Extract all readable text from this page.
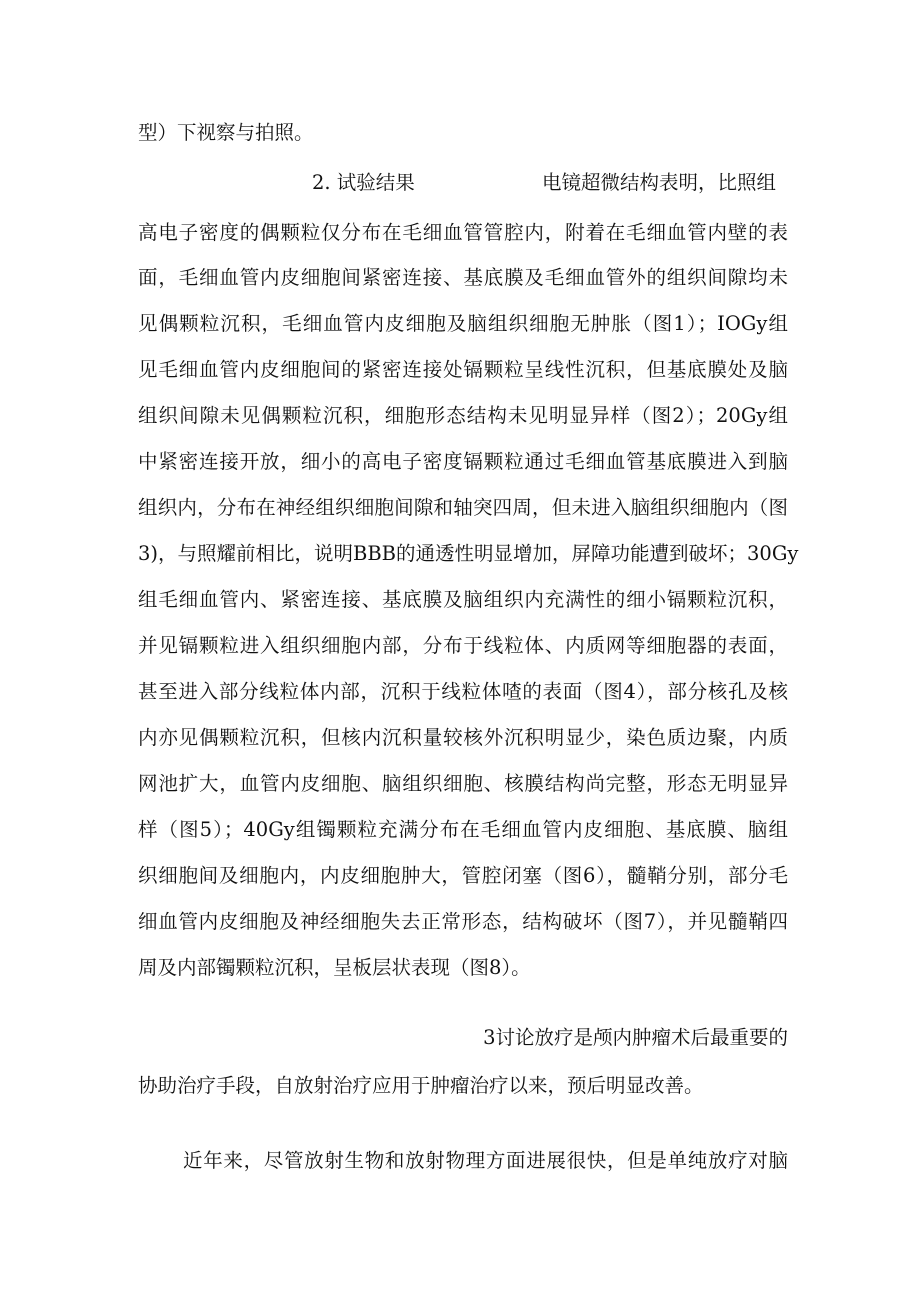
型）下视察与拍照。
2. 试验结果	电镜超微结构表明，比照组
高电子密度的偶颗粒仅分布在毛细血管管腔内，附着在毛细血管内壁的表
面，毛细血管内皮细胞间紧密连接、基底膜及毛细血管外的组织间隙均未
见偶颗粒沉积，毛细血管内皮细胞及脑组织细胞无肿胀（图1）；IOGy组
见毛细血管内皮细胞间的紧密连接处镉颗粒呈线性沉积，但基底膜处及脑
组织间隙未见偶颗粒沉积，细胞形态结构未见明显异样（图2）；20Gy组
中紧密连接开放，细小的高电子密度镉颗粒通过毛细血管基底膜进入到脑
组织内，分布在神经组织细胞间隙和轴突四周，但未进入脑组织细胞内（图
3)，与照耀前相比，说明BBB的通透性明显增加，屏障功能遭到破坏；30Gy
组毛细血管内、紧密连接、基底膜及脑组织内充满性的细小镉颗粒沉积，
并见镉颗粒进入组织细胞内部，分布于线粒体、内质网等细胞器的表面，
甚至进入部分线粒体内部，沉积于线粒体喳的表面（图4），部分核孔及核
内亦见偶颗粒沉积，但核内沉积量较核外沉积明显少，染色质边聚，内质
网池扩大，血管内皮细胞、脑组织细胞、核膜结构尚完整，形态无明显异
样（图5）；40Gy组镯颗粒充满分布在毛细血管内皮细胞、基底膜、脑组
织细胞间及细胞内，内皮细胞肿大，管腔闭塞（图6），髓鞘分别，部分毛
细血管内皮细胞及神经细胞失去正常形态，结构破坏（图7），并见髓鞘四
周及内部镯颗粒沉积，呈板层状表现（图8）。
3讨论放疗是颅内肿瘤术后最重要的
协助治疗手段，自放射治疗应用于肿瘤治疗以来，预后明显改善。
近年来，尽管放射生物和放射物理方面进展很快，但是单纯放疗对脑
